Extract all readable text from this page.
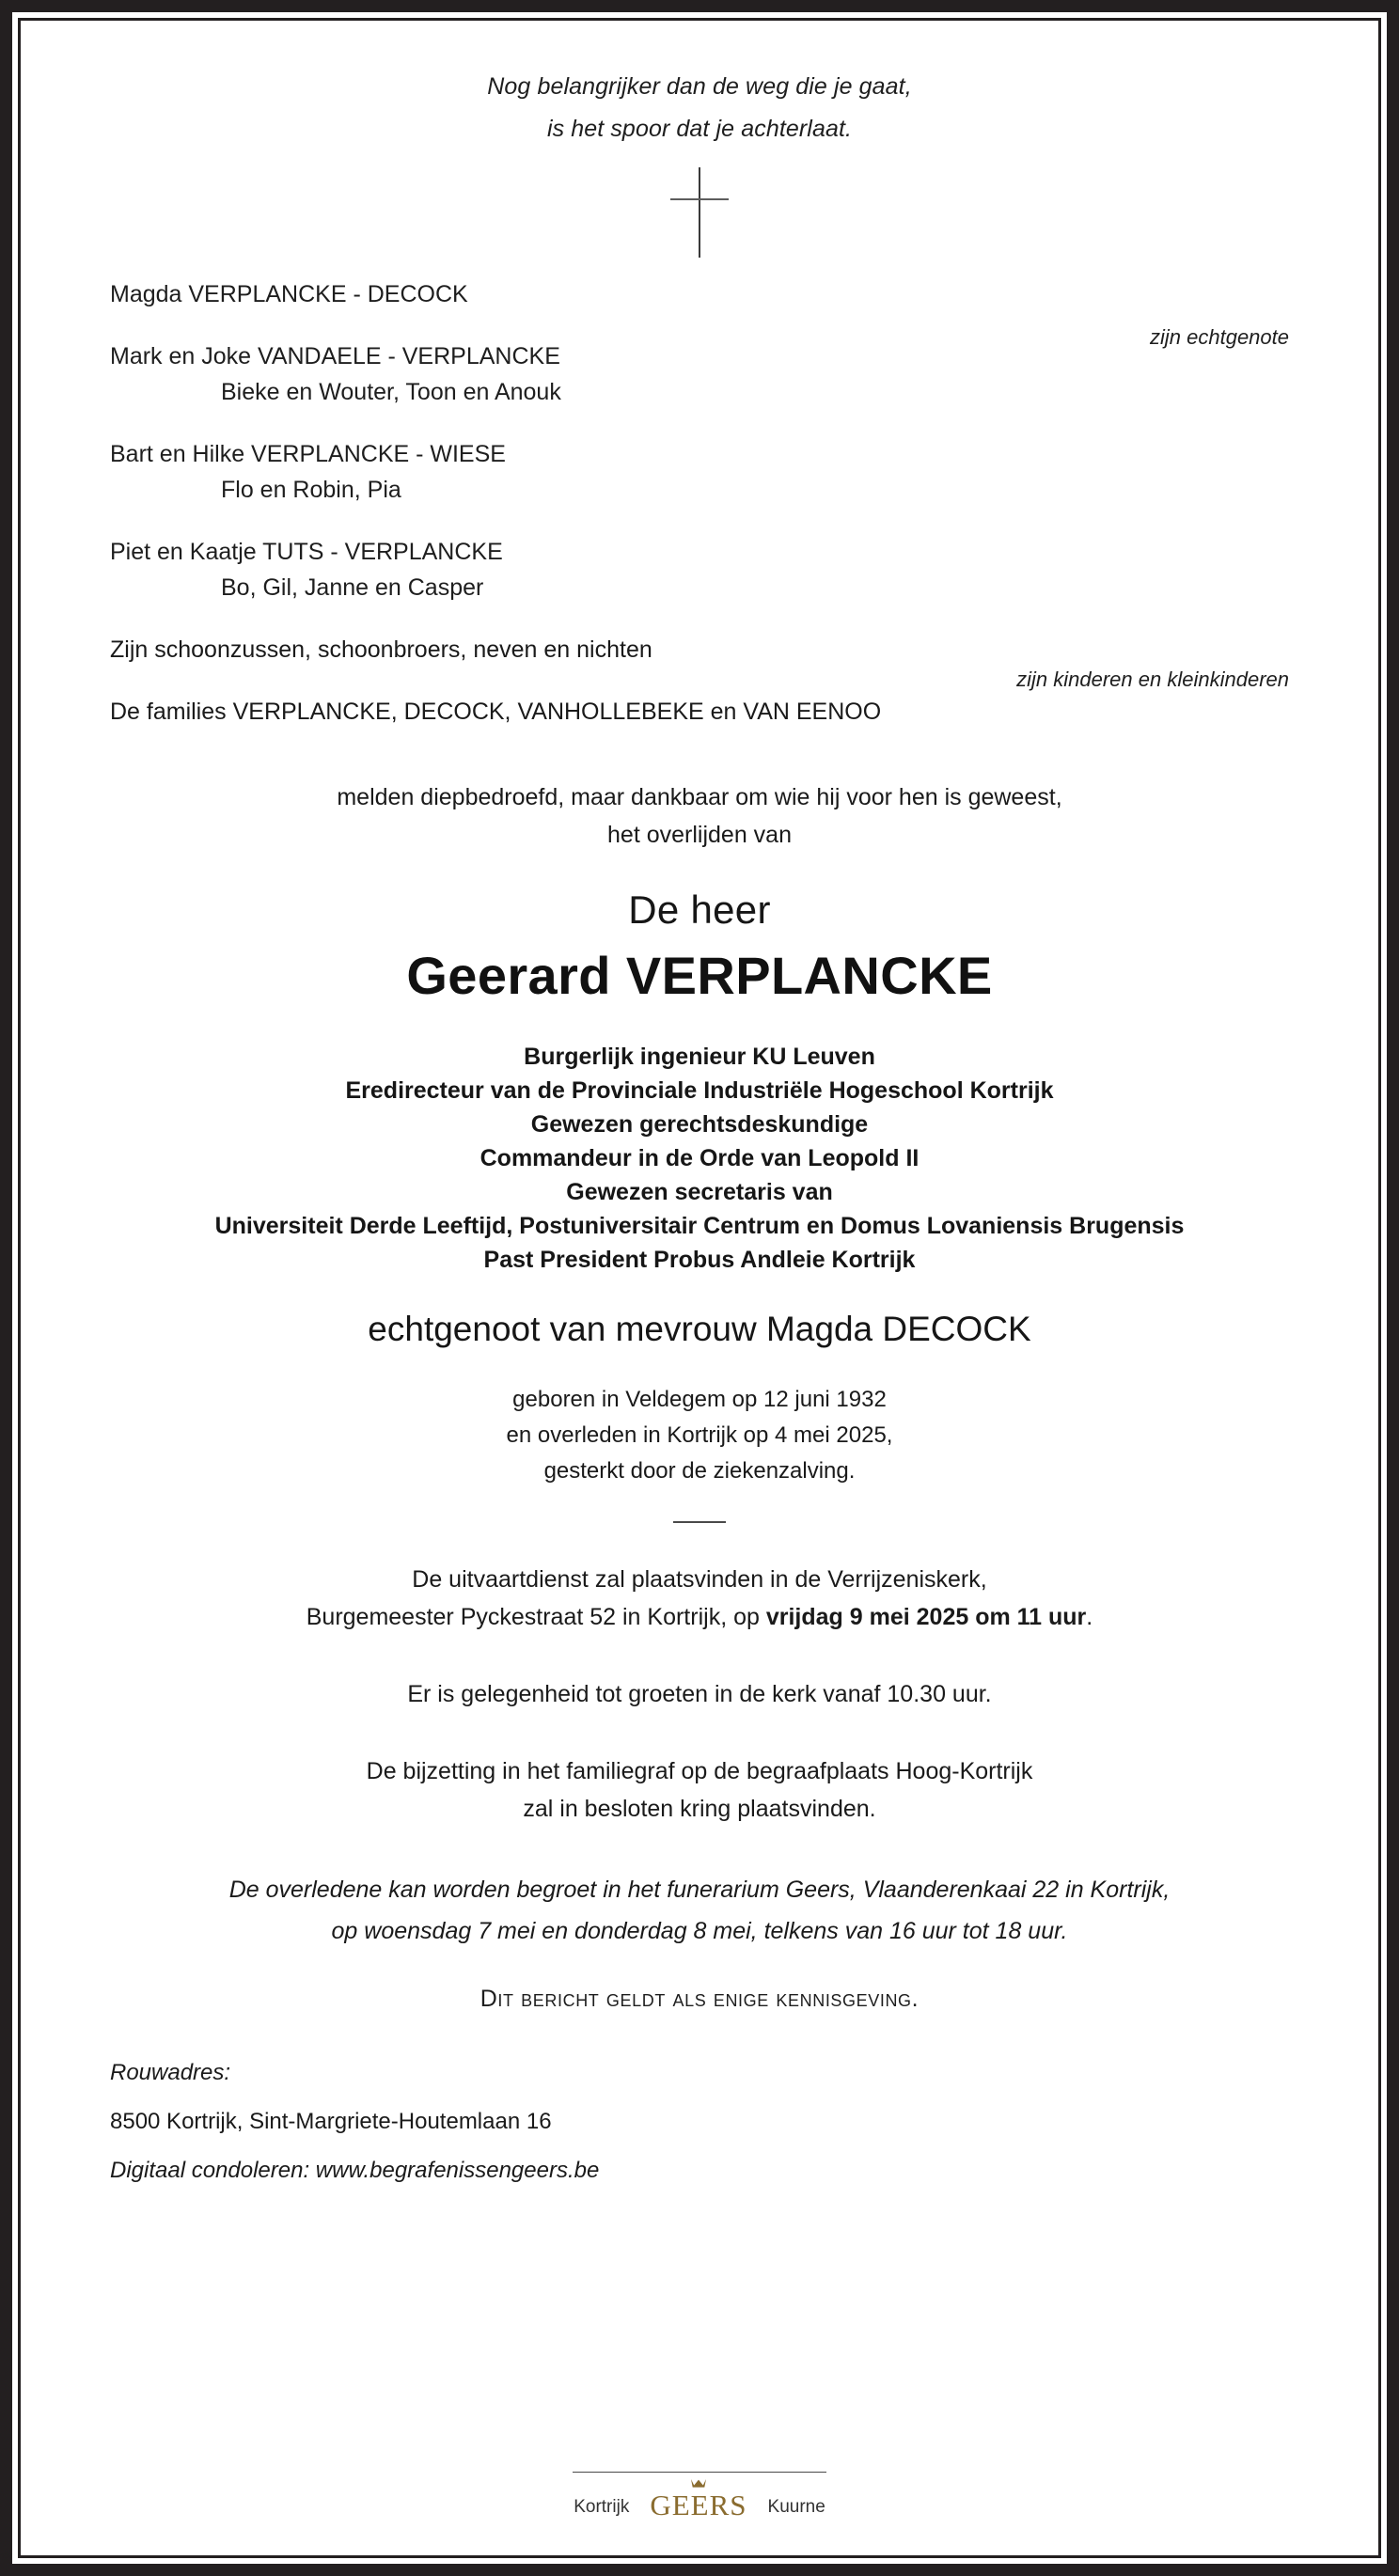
Nog belangrijker dan de weg die je gaat,
is het spoor dat je achterlaat.
Magda VERPLANCKE - DECOCK
Mark en Joke VANDAELE - VERPLANCKE
Bieke en Wouter, Toon en Anouk
Bart en Hilke VERPLANCKE - WIESE
Flo en Robin, Pia
Piet en Kaatje TUTS - VERPLANCKE
Bo, Gil, Janne en Casper
Zijn schoonzussen, schoonbroers, neven en nichten
De families VERPLANCKE, DECOCK, VANHOLLEBEKE en VAN EENOO
zijn echtgenote
zijn kinderen en kleinkinderen
melden diepbedroefd, maar dankbaar om wie hij voor hen is geweest,
het overlijden van
De heer
Geerard VERPLANCKE
Burgerlijk ingenieur KU Leuven
Eredirecteur van de Provinciale Industriële Hogeschool Kortrijk
Gewezen gerechtsdeskundige
Commandeur in de Orde van Leopold II
Gewezen secretaris van
Universiteit Derde Leeftijd, Postuniversitair Centrum en Domus Lovaniensis Brugensis
Past President Probus Andleie Kortrijk
echtgenoot van mevrouw Magda DECOCK
geboren in Veldegem op 12 juni 1932
en overleden in Kortrijk op 4 mei 2025,
gesterkt door de ziekenzalving.
De uitvaartdienst zal plaatsvinden in de Verrijzeniskerk,
Burgemeester Pyckestraat 52 in Kortrijk, op vrijdag 9 mei 2025 om 11 uur.
Er is gelegenheid tot groeten in de kerk vanaf 10.30 uur.
De bijzetting in het familiegraf op de begraafplaats Hoog-Kortrijk
zal in besloten kring plaatsvinden.
De overledene kan worden begroet in het funerarium Geers, Vlaanderenkaai 22 in Kortrijk,
op woensdag 7 mei en donderdag 8 mei, telkens van 16 uur tot 18 uur.
Dit bericht geldt als enige kennisgeving.
Rouwadres:
8500 Kortrijk, Sint-Margriete-Houtemlaan 16
Digitaal condoleren: www.begrafenissengeers.be
Kortrijk GEERS	Kuurne
